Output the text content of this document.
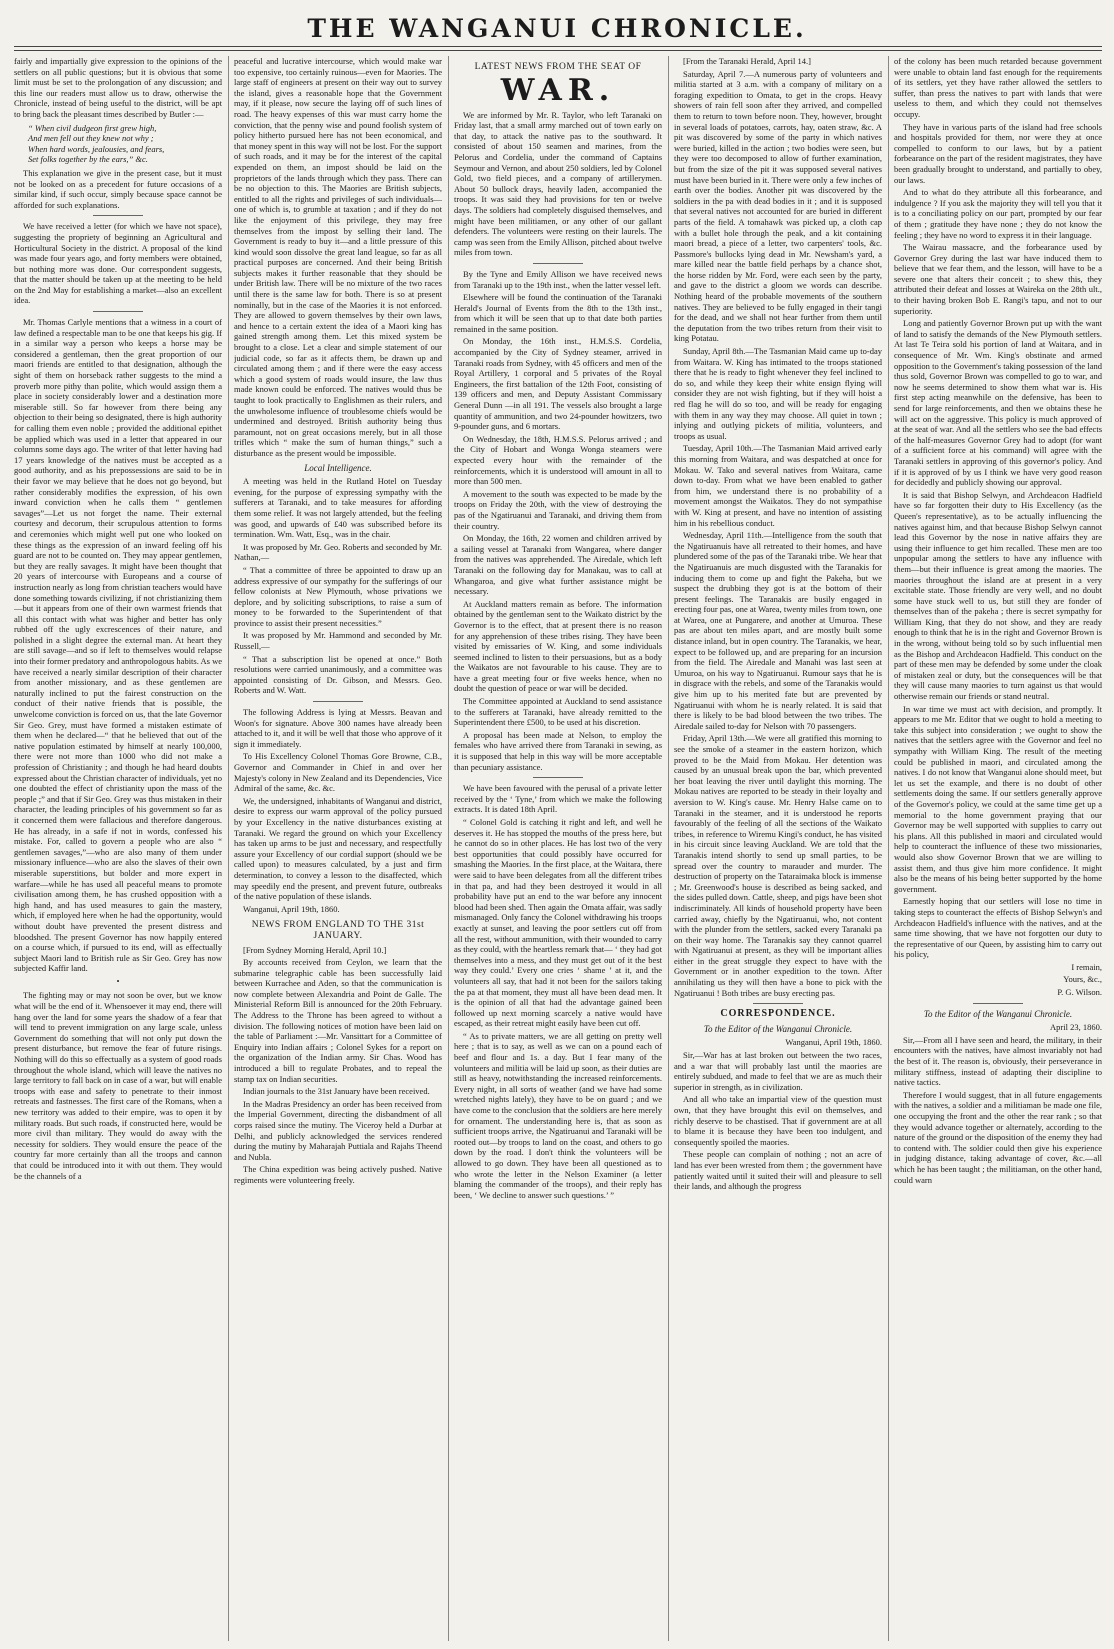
THE WANGANUI CHRONICLE.

fairly and impartially give expression to the opinions of the settlers on all public questions; but it is obvious that some limit must be set to the prolongation of any discussion; and this line our readers must allow us to draw, otherwise the Chronicle, instead of being useful to the district, will be apt to bring back the pleasant times described by Butler :—

“ When civil dudgeon first grew high,
And men fell out they knew not why ;
When hard words, jealousies, and fears,
Set folks together by the ears,” &c.

This explanation we give in the present case, but it must not be looked on as a precedent for future occasions of a similar kind, if such occur, simply because space cannot be afforded for such explanations.

We have received a letter (for which we have not space), suggesting the propriety of beginning an Agricultural and Horticultural Society in the district. A proposal of the kind was made four years ago, and forty members were obtained, but nothing more was done. Our correspondent suggests, that the matter should be taken up at the meeting to be held on the 2nd May for establishing a market—also an excellent idea.

Mr. Thomas Carlyle mentions that a witness in a court of law defined a respectable man to be one that keeps his gig. If in a similar way a person who keeps a horse may be considered a gentleman, then the great proportion of our maori friends are entitled to that designation, although the sight of them on horseback rather suggests to the mind a proverb more pithy than polite, which would assign them a place in society considerably lower and a destination more miserable still. So far however from there being any objection to their being so designated, there is high authority for calling them even noble ; provided the additional epithet be applied which was used in a letter that appeared in our columns some days ago. The writer of that letter having had 17 years knowledge of the natives must be accepted as a good authority, and as his prepossessions are said to be in their favor we may believe that he does not go beyond, but rather considerably modifies the expression, of his own inward conviction when he calls them “ gentlemen savages”—Let us not forget the name. Their external courtesy and decorum, their scrupulous attention to forms and ceremonies which might well put one who looked on these things as the expression of an inward feeling off his guard are not to be counted on. They may appear gentlemen, but they are really savages. It might have been thought that 20 years of intercourse with Europeans and a course of instruction nearly as long from christian teachers would have done something towards civilizing, if not christianizing them—but it appears from one of their own warmest friends that all this contact with what was higher and better has only rubbed off the ugly excrescences of their nature, and polished in a slight degree the external man. At heart they are still savage—and so if left to themselves would relapse into their former predatory and anthropologous habits. As we have received a nearly similar description of their character from another missionary, and as these gentlemen are naturally inclined to put the fairest construction on the conduct of their native friends that is possible, the unwelcome conviction is forced on us, that the late Governor Sir Geo. Grey, must have formed a mistaken estimate of them when he declared—“ that he believed that out of the native population estimated by himself at nearly 100,000, there were not more than 1000 who did not make a profession of Christianity ; and though he had heard doubts expressed about the Christian character of individuals, yet no one doubted the effect of christianity upon the mass of the people ;” and that if Sir Geo. Grey was thus mistaken in their character, the leading principles of his government so far as it concerned them were fallacious and therefore dangerous. He has already, in a safe if not in words, confessed his mistake. For, called to govern a people who are also “ gentlemen savages,”—who are also many of them under missionary influence—who are also the slaves of their own miserable superstitions, but bolder and more expert in warfare—while he has used all peaceful means to promote civilisation among them, he has crushed opposition with a high hand, and has used measures to gain the mastery, which, if employed here when he had the opportunity, would without doubt have prevented the present distress and bloodshed. The present Governor has now happily entered on a course which, if pursued to its end, will as effectually subject Maori land to British rule as Sir Geo. Grey has now subjected Kaffir land.

•

The fighting may or may not soon be over, but we know what will be the end of it. Whensoever it may end, there will hang over the land for some years the shadow of a fear that will tend to prevent immigration on any large scale, unless Government do something that will not only put down the present disturbance, but remove the fear of future risings. Nothing will do this so effectually as a system of good roads throughout the whole island, which will leave the natives no large territory to fall back on in case of a war, but will enable troops with ease and safety to penetrate to their inmost retreats and fastnesses. The first care of the Romans, when a new territory was added to their empire, was to open it by military roads. But such roads, if constructed here, would be more civil than military. They would do away with the necessity for soldiers. They would ensure the peace of the country far more certainly than all the troops and cannon that could be introduced into it with out them. They would be the channels of a

peaceful and lucrative intercourse, which would make war too expensive, too certainly ruinous—even for Maories. The large staff of engineers at present on their way out to survey the island, gives a reasonable hope that the Government may, if it please, now secure the laying off of such lines of road. The heavy expenses of this war must carry home the conviction, that the penny wise and pound foolish system of policy hitherto pursued here has not been economical, and that money spent in this way will not be lost. For the support of such roads, and it may be for the interest of the capital expended on them, an impost should be laid on the proprietors of the lands through which they pass. There can be no objection to this. The Maories are British subjects, entitled to all the rights and privileges of such individuals—one of which is, to grumble at taxation ; and if they do not like the enjoyment of this privilege, they may free themselves from the impost by selling their land. The Government is ready to buy it—and a little pressure of this kind would soon dissolve the great land league, so far as all practical purposes are concerned. And their being British subjects makes it further reasonable that they should be under British law. There will be no mixture of the two races until there is the same law for both. There is so at present nominally, but in the case of the Maories it is not enforced. They are allowed to govern themselves by their own laws, and hence to a certain extent the idea of a Maori king has gained strength among them. Let this mixed system be brought to a close. Let a clear and simple statement of our judicial code, so far as it affects them, be drawn up and circulated among them ; and if there were the easy access which a good system of roads would insure, the law thus made known could be enforced. The natives would thus be taught to look practically to Englishmen as their rulers, and the unwholesome influence of troublesome chiefs would be undermined and destroyed. British authority being thus paramount, not on great occasions merely, but in all those trifles which “ make the sum of human things,” such a disturbance as the present would be impossible.

Local Intelligence.

A meeting was held in the Rutland Hotel on Tuesday evening, for the purpose of expressing sympathy with the sufferers at Taranaki, and to take measures for affording them some relief. It was not largely attended, but the feeling was good, and upwards of £40 was subscribed before its termination. Wm. Watt, Esq., was in the chair.

It was proposed by Mr. Geo. Roberts and seconded by Mr. Nathan,—

“ That a committee of three be appointed to draw up an address expressive of our sympathy for the sufferings of our fellow colonists at New Plymouth, whose privations we deplore, and by soliciting subscriptions, to raise a sum of money to be forwarded to the Superintendent of that province to assist their present necessities.”

It was proposed by Mr. Hammond and seconded by Mr. Russell,—

“ That a subscription list be opened at once.” Both resolutions were carried unanimously, and a committee was appointed consisting of Dr. Gibson, and Messrs. Geo. Roberts and W. Watt.

The following Address is lying at Messrs. Beavan and Woon's for signature. Above 300 names have already been attached to it, and it will be well that those who approve of it sign it immediately.

To His Excellency Colonel Thomas Gore Browne, C.B., Governor and Commander in Chief in and over her Majesty's colony in New Zealand and its Dependencies, Vice Admiral of the same, &c. &c.

We, the undersigned, inhabitants of Wanganui and district, desire to express our warm approval of the policy pursued by your Excellency in the native disturbances existing at Taranaki. We regard the ground on which your Excellency has taken up arms to be just and necessary, and respectfully assure your Excellency of our cordial support (should we be called upon) to measures calculated, by a just and firm determination, to convey a lesson to the disaffected, which may speedily end the present, and prevent future, outbreaks of the native population of these islands.

Wanganui, April 19th, 1860.

NEWS FROM ENGLAND TO THE 31st JANUARY.

[From Sydney Morning Herald, April 10.]

By accounts received from Ceylon, we learn that the submarine telegraphic cable has been successfully laid between Kurrachee and Aden, so that the communication is now complete between Alexandria and Point de Galle. The Ministerial Reform Bill is announced for the 20th February. The Address to the Throne has been agreed to without a division. The following notices of motion have been laid on the table of Parliament :—Mr. Vansittart for a Committee of Enquiry into Indian affairs ; Colonel Sykes for a report on the organization of the Indian army. Sir Chas. Wood has introduced a bill to regulate Probates, and to repeal the stamp tax on Indian securities.

Indian journals to the 31st January have been received.

In the Madras Presidency an order has been received from the Imperial Government, directing the disbandment of all corps raised since the mutiny. The Viceroy held a Durbar at Delhi, and publicly acknowledged the services rendered during the mutiny by Maharajah Puttiala and Rajahs Theend and Nubla.

The China expedition was being actively pushed. Native regiments were volunteering freely.

LATEST NEWS FROM THE SEAT OF
WAR.

We are informed by Mr. R. Taylor, who left Taranaki on Friday last, that a small army marched out of town early on that day, to attack the native pas to the southward. It consisted of about 150 seamen and marines, from the Pelorus and Cordelia, under the command of Captains Seymour and Vernon, and about 250 soldiers, led by Colonel Gold, two field pieces, and a company of artillerymen. About 50 bullock drays, heavily laden, accompanied the troops. It was said they had provisions for ten or twelve days. The soldiers had completely disguised themselves, and might have been militiamen, or any other of our gallant defenders. The volunteers were resting on their laurels. The camp was seen from the Emily Allison, pitched about twelve miles from town.

By the Tyne and Emily Allison we have received news from Taranaki up to the 19th inst., when the latter vessel left.

Elsewhere will be found the continuation of the Taranaki Herald's Journal of Events from the 8th to the 13th inst., from which it will be seen that up to that date both parties remained in the same position.

On Monday, the 16th inst., H.M.S.S. Cordelia, accompanied by the City of Sydney steamer, arrived in Taranaki roads from Sydney, with 45 officers and men of the Royal Artillery, 1 corporal and 5 privates of the Royal Engineers, the first battalion of the 12th Foot, consisting of 139 officers and men, and Deputy Assistant Commissary General Dunn —in all 191. The vessels also brought a large quantity of ammunition, and two 24-pounder howitzers, two 9-pounder guns, and 6 mortars.

On Wednesday, the 18th, H.M.S.S. Pelorus arrived ; and the City of Hobart and Wonga Wonga steamers were expected every hour with the remainder of the reinforcements, which it is understood will amount in all to more than 500 men.

A movement to the south was expected to be made by the troops on Friday the 20th, with the view of destroying the pas of the Ngatiruanui and Taranaki, and driving them from their country.

On Monday, the 16th, 22 women and children arrived by a sailing vessel at Taranaki from Wangarea, where danger from the natives was apprehended. The Airedale, which left Taranaki on the following day for Manakau, was to call at Whangaroa, and give what further assistance might be necessary.

At Auckland matters remain as before. The information obtained by the gentleman sent to the Waikato district by the Governor is to the effect, that at present there is no reason for any apprehension of these tribes rising. They have been visited by emissaries of W. King, and some individuals seemed inclined to listen to their persuasions, but as a body the Waikatos are not favourable to his cause. They are to have a great meeting four or five weeks hence, when no doubt the question of peace or war will be decided.

The Committee appointed at Auckland to send assistance to the sufferers at Taranaki, have already remitted to the Superintendent there £500, to be used at his discretion.

A proposal has been made at Nelson, to employ the females who have arrived there from Taranaki in sewing, as it is supposed that help in this way will be more acceptable than pecuniary assistance.

We have been favoured with the perusal of a private letter received by the ‘ Tyne,’ from which we make the following extracts. It is dated 18th April.

“ Colonel Gold is catching it right and left, and well he deserves it. He has stopped the mouths of the press here, but he cannot do so in other places. He has lost two of the very best opportunities that could possibly have occurred for smashing the Maories. In the first place, at the Waitara, there were said to have been delegates from all the different tribes in that pa, and had they been destroyed it would in all probability have put an end to the war before any innocent blood had been shed. Then again the Omata affair, was sadly mismanaged. Only fancy the Colonel withdrawing his troops exactly at sunset, and leaving the poor settlers cut off from all the rest, without ammunition, with their wounded to carry as they could, with the heartless remark that— ‘ they had got themselves into a mess, and they must get out of it the best way they could.’ Every one cries ‘ shame ’ at it, and the volunteers all say, that had it not been for the sailors taking the pa at that moment, they must all have been dead men. It is the opinion of all that had the advantage gained been followed up next morning scarcely a native would have escaped, as their retreat might easily have been cut off.

“ As to private matters, we are all getting on pretty well here ; that is to say, as well as we can on a pound each of beef and flour and 1s. a day. But I fear many of the volunteers and militia will be laid up soon, as their duties are still as heavy, notwithstanding the increased reinforcements. Every night, in all sorts of weather (and we have had some wretched nights lately), they have to be on guard ; and we have come to the conclusion that the soldiers are here merely for ornament. The understanding here is, that as soon as sufficient troops arrive, the Ngatiruanui and Taranaki will be rooted out—by troops to land on the coast, and others to go down by the road. I don't think the volunteers will be allowed to go down. They have been all questioned as to who wrote the letter in the Nelson Examiner (a letter blaming the commander of the troops), and their reply has been, ‘ We decline to answer such questions.’ ”

[From the Taranaki Herald, April 14.]

Saturday, April 7.—A numerous party of volunteers and militia started at 3 a.m. with a company of military on a foraging expedition to Omata, to get in the crops. Heavy showers of rain fell soon after they arrived, and compelled them to return to town before noon. They, however, brought in several loads of potatoes, carrots, hay, oaten straw, &c. A pit was discovered by some of the party in which natives were buried, killed in the action ; two bodies were seen, but they were too decomposed to allow of further examination, but from the size of the pit it was supposed several natives must have been buried in it. There were only a few inches of earth over the bodies. Another pit was discovered by the soldiers in the pa with dead bodies in it ; and it is supposed that several natives not accounted for are buried in different parts of the field. A tomahawk was picked up, a cloth cap with a bullet hole through the peak, and a kit containing maori bread, a piece of a letter, two carpenters' tools, &c. Passmore's bullocks lying dead in Mr. Newsham's yard, a mare killed near the battle field perhaps by a chance shot, the horse ridden by Mr. Ford, were each seen by the party, and gave to the district a gloom we words can describe. Nothing heard of the probable movements of the southern natives. They are believed to be fully engaged in their tangi for the dead, and we shall not hear further from them until the deputation from the two tribes return from their visit to king Potatau.

Sunday, April 8th.—The Tasmanian Maid came up to-day from Waitara. W. King has intimated to the troops stationed there that he is ready to fight whenever they feel inclined to do so, and while they keep their white ensign flying will consider they are not wish fighting, but if they will hoist a red flag he will do so too, and will be ready for engaging with them in any way they may choose. All quiet in town ; inlying and outlying pickets of militia, volunteers, and troops as usual.

Tuesday, April 10th.—The Tasmanian Maid arrived early this morning from Waitara, and was despatched at once for Mokau. W. Tako and several natives from Waitara, came down to-day. From what we have been enabled to gather from him, we understand there is no probability of a movement amongst the Waikatos. They do not sympathise with W. King at present, and have no intention of assisting him in his rebellious conduct.

Wednesday, April 11th.—Intelligence from the south that the Ngatiruanuis have all retreated to their homes, and have plundered some of the pas of the Taranaki tribe. We hear that the Ngatiruanuis are much disgusted with the Taranakis for inducing them to come up and fight the Pakeha, but we suspect the drubbing they got is at the bottom of their present feelings. The Taranakis are busily engaged in erecting four pas, one at Warea, twenty miles from town, one at Warea, one at Pungarere, and another at Umuroa. These pas are about ten miles apart, and are mostly built some distance inland, but in open country. The Taranakis, we hear, expect to be followed up, and are preparing for an incursion from the field. The Airedale and Manahi was last seen at Umuroa, on his way to Ngatiruanui. Rumour says that he is in disgrace with the rebels, and some of the Taranakis would give him up to his merited fate but are prevented by Ngatiruanui with whom he is nearly related. It is said that there is likely to be bad blood between the two tribes. The Airedale sailed to-day for Nelson with 70 passengers.

Friday, April 13th.—We were all gratified this morning to see the smoke of a steamer in the eastern horizon, which proved to be the Maid from Mokau. Her detention was caused by an unusual break upon the bar, which prevented her boat leaving the river until daylight this morning. The Mokau natives are reported to be steady in their loyalty and aversion to W. King's cause. Mr. Henry Halse came on to Taranaki in the steamer, and it is understood he reports favourably of the feeling of all the sections of the Waikato tribes, in reference to Wiremu Kingi's conduct, he has visited in his circuit since leaving Auckland. We are told that the Taranakis intend shortly to send up small parties, to be spread over the country to marauder and murder. The destruction of property on the Tataraimaka block is immense ; Mr. Greenwood's house is described as being sacked, and the sides pulled down. Cattle, sheep, and pigs have been shot indiscriminately. All kinds of household property have been carried away, chiefly by the Ngatiruanui, who, not content with the plunder from the settlers, sacked every Taranaki pa on their way home. The Taranakis say they cannot quarrel with Ngatiruanui at present, as they will be important allies either in the great struggle they expect to have with the Government or in another expedition to the town. After annihilating us they will then have a bone to pick with the Ngatiruanui ! Both tribes are busy erecting pas.

CORRESPONDENCE.
To the Editor of the Wanganui Chronicle.

Wanganui, April 19th, 1860.

Sir,—War has at last broken out between the two races, and a war that will probably last until the maories are entirely subdued, and made to feel that we are as much their superior in strength, as in civilization.

And all who take an impartial view of the question must own, that they have brought this evil on themselves, and richly deserve to be chastised. That if government are at all to blame it is because they have been too indulgent, and consequently spoiled the maories.

These people can complain of nothing ; not an acre of land has ever been wrested from them ; the government have patiently waited until it suited their will and pleasure to sell their lands, and although the progress

of the colony has been much retarded because government were unable to obtain land fast enough for the requirements of its settlers, yet they have rather allowed the settlers to suffer, than press the natives to part with lands that were useless to them, and which they could not themselves occupy.

They have in various parts of the island had free schools and hospitals provided for them, nor were they at once compelled to conform to our laws, but by a patient forbearance on the part of the resident magistrates, they have been gradually brought to understand, and partially to obey, our laws.

And to what do they attribute all this forbearance, and indulgence ? If you ask the majority they will tell you that it is to a conciliating policy on our part, prompted by our fear of them ; gratitude they have none ; they do not know the feeling ; they have no word to express it in their language.

The Wairau massacre, and the forbearance used by Governor Grey during the last war have induced them to believe that we fear them, and the lesson, will have to be a severe one that alters their conceit ; to shew this, they attributed their defeat and losses at Waireka on the 28th ult., to their having broken Bob E. Rangi's tapu, and not to our superiority.

Long and patiently Governor Brown put up with the want of land to satisfy the demands of the New Plymouth settlers. At last Te Teira sold his portion of land at Waitara, and in consequence of Mr. Wm. King's obstinate and armed opposition to the Government's taking possession of the land thus sold, Governor Brown was compelled to go to war, and now he seems determined to show them what war is. His first step acting meanwhile on the defensive, has been to send for large reinforcements, and then we obtains these he will act on the aggressive. This policy is much approved of at the seat of war. And all the settlers who see the bad effects of the half-measures Governor Grey had to adopt (for want of a sufficient force at his command) will agree with the Taranaki settlers in approving of this governor's policy. And if it is approved of by us I think we have very good reason for decidedly and publicly showing our approval.

It is said that Bishop Selwyn, and Archdeacon Hadfield have so far forgotten their duty to His Excellency (as the Queen's representative), as to be actually influencing the natives against him, and that because Bishop Selwyn cannot lead this Governor by the nose in native affairs they are using their influence to get him recalled. These men are too unpopular among the settlers to have any influence with them—but their influence is great among the maories. The maories throughout the island are at present in a very excitable state. Those friendly are very well, and no doubt some have stuck well to us, but still they are fonder of themselves than of the pakeha ; there is secret sympathy for William King, that they do not show, and they are ready enough to think that he is in the right and Governor Brown is in the wrong, without being told so by such influential men as the Bishop and Archdeacon Hadfield. This conduct on the part of these men may be defended by some under the cloak of mistaken zeal or duty, but the consequences will be that they will cause many maories to turn against us that would otherwise remain our friends or stand neutral.

In war time we must act with decision, and promptly. It appears to me Mr. Editor that we ought to hold a meeting to take this subject into consideration ; we ought to show the natives that the settlers agree with the Governor and feel no sympathy with William King. The result of the meeting could be published in maori, and circulated among the natives. I do not know that Wanganui alone should meet, but let us set the example, and there is no doubt of other settlements doing the same. If our settlers generally approve of the Governor's policy, we could at the same time get up a memorial to the home government praying that our Governor may be well supported with supplies to carry out his plans. All this published in maori and circulated would help to counteract the influence of these two missionaries, would also show Governor Brown that we are willing to assist them, and thus give him more confidence. It might also be the means of his being better supported by the home government.

Earnestly hoping that our settlers will lose no time in taking steps to counteract the effects of Bishop Selwyn's and Archdeacon Hadfield's influence with the natives, and at the same time showing, that we have not forgotten our duty to the representative of our Queen, by assisting him to carry out his policy,

I remain,

Yours, &c.,

P. G. Wilson.

To the Editor of the Wanganui Chronicle.

April 23, 1860.

Sir,—From all I have seen and heard, the military, in their encounters with the natives, have almost invariably not had the best of it. The reason is, obviously, their perseverance in military stiffness, instead of adapting their discipline to native tactics.

Therefore I would suggest, that in all future engagements with the natives, a soldier and a militiaman be made one file, one occupying the front and the other the rear rank ; so that they would advance together or alternately, according to the nature of the ground or the disposition of the enemy they had to contend with. The soldier could then give his experience in judging distance, taking advantage of cover, &c.—all which he has been taught ; the militiaman, on the other hand, could warn
